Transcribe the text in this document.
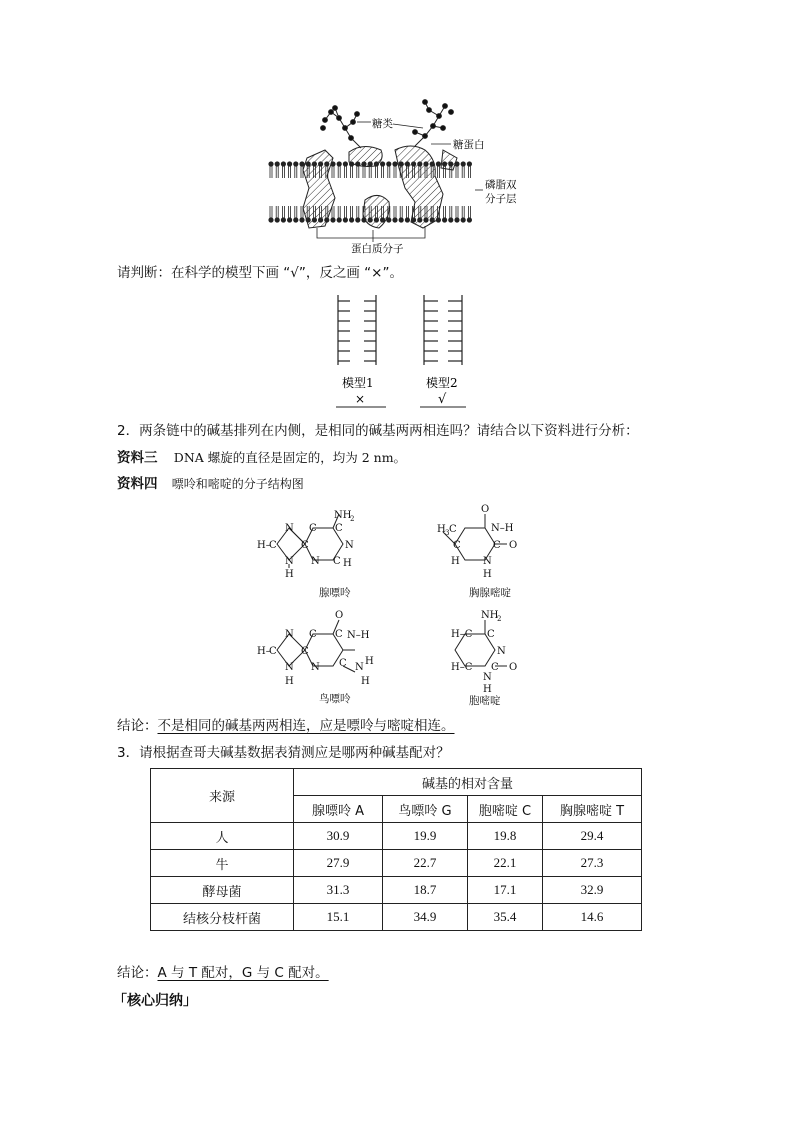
糖类
糖蛋白
磷脂双
分子层
蛋白质分子
请判断：在科学的模型下画 “√”，反之画 “×”。
模型1	模型2
×	√
2．两条链中的碱基排列在内侧，是相同的碱基两两相连吗？请结合以下资料进行分析：
资料三 DNA 螺旋的直径是固定的，均为 2 nm。
资料四 嘌呤和嘧啶的分子结构图
NH
2
C
N
C H
N
C
C
N
C
H–
N
H
腺嘌呤
H 3 C
O
N–H
C O
N
H
C
H
胸腺嘧啶
O
C N–H
C N
H
H
N
C
C
N
C
H–
N
H
鸟嘌呤
NH
2
H–C C
N
C O
N
H
H–C
胞嘧啶
结论：不是相同的碱基两两相连，应是嘌呤与嘧啶相连。
3．请根据查哥夫碱基数据表猜测应是哪两种碱基配对？
来源	碱基的相对含量			
	腺嘌呤 A	鸟嘌呤 G	胞嘧啶 C	胸腺嘧啶 T
人	30.9	19.9	19.8	29.4
牛	27.9	22.7	22.1	27.3
酵母菌	31.3	18.7	17.1	32.9
结核分枝杆菌	15.1	34.9	35.4	14.6
结论：A 与 T 配对，G 与 C 配对。
「核心归纳」
